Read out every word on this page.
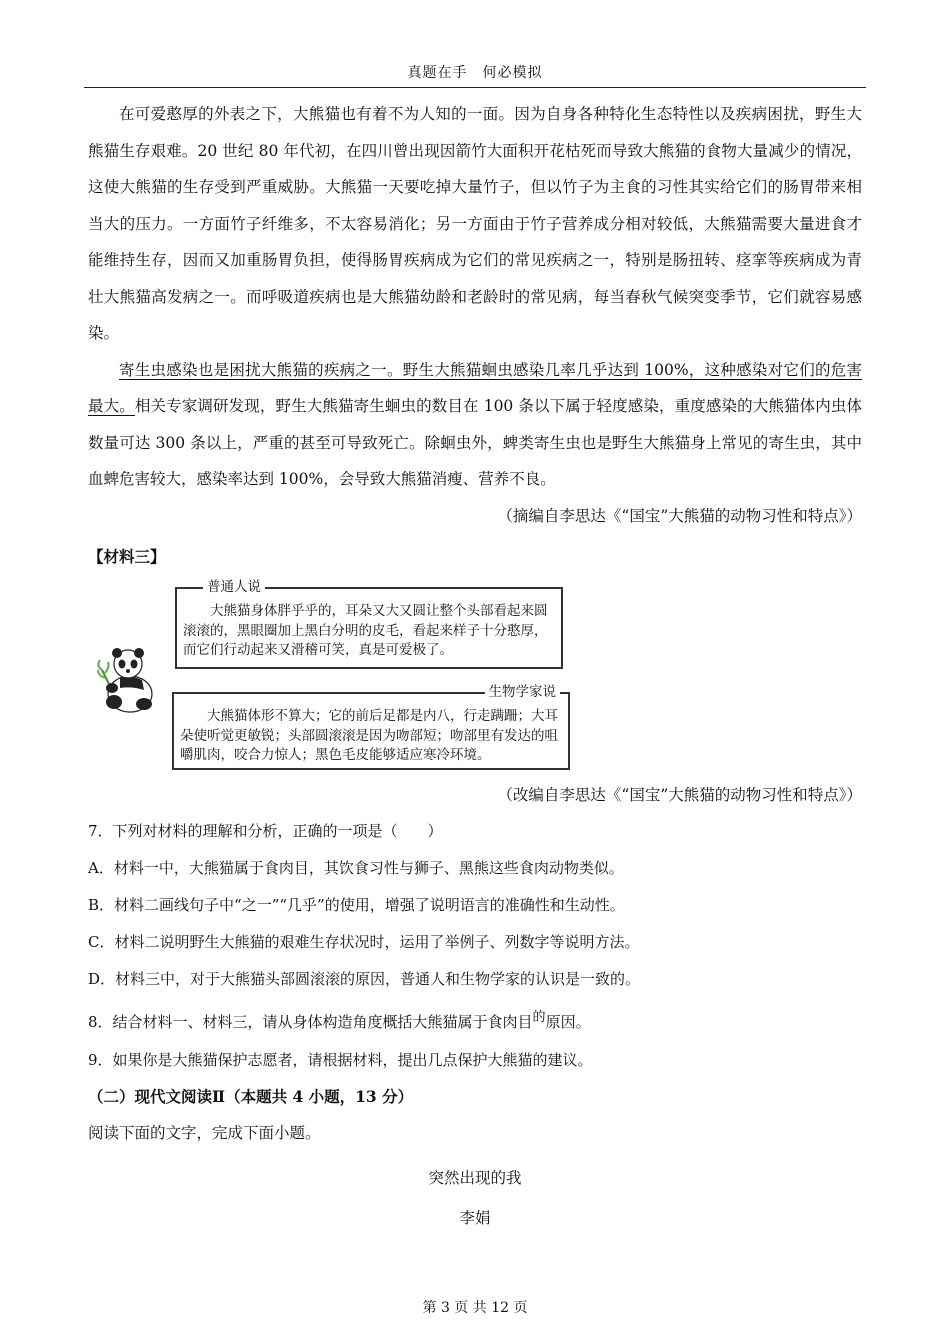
真题在手　何必模拟

在可爱憨厚的外表之下，大熊猫也有着不为人知的一面。因为自身各种特化生态特性以及疾病困扰，野生大熊猫生存艰难。20 世纪 80 年代初，在四川曾出现因箭竹大面积开花枯死而导致大熊猫的食物大量减少的情况，这使大熊猫的生存受到严重威胁。大熊猫一天要吃掉大量竹子，但以竹子为主食的习性其实给它们的肠胃带来相当大的压力。一方面竹子纤维多，不太容易消化；另一方面由于竹子营养成分相对较低，大熊猫需要大量进食才能维持生存，因而又加重肠胃负担，使得肠胃疾病成为它们的常见疾病之一，特别是肠扭转、痉挛等疾病成为青壮大熊猫高发病之一。而呼吸道疾病也是大熊猫幼龄和老龄时的常见病，每当春秋气候突变季节，它们就容易感染。

寄生虫感染也是困扰大熊猫的疾病之一。野生大熊猫蛔虫感染几率几乎达到 100%，这种感染对它们的危害最大。相关专家调研发现，野生大熊猫寄生蛔虫的数目在 100 条以下属于轻度感染，重度感染的大熊猫体内虫体数量可达 300 条以上，严重的甚至可导致死亡。除蛔虫外，蜱类寄生虫也是野生大熊猫身上常见的寄生虫，其中血蜱危害较大，感染率达到 100%，会导致大熊猫消瘦、营养不良。

（摘编自李思达《“国宝”大熊猫的动物习性和特点》）
【材料三】
普通人说
大熊猫身体胖乎乎的，耳朵又大又圆让整个头部看起来圆滚滚的，黑眼圈加上黑白分明的皮毛，看起来样子十分憨厚，而它们行动起来又滑稽可笑，真是可爱极了。
生物学家说
大熊猫体形不算大；它的前后足都是内八，行走蹒跚；大耳朵使听觉更敏锐；头部圆滚滚是因为吻部短；吻部里有发达的咀嚼肌肉，咬合力惊人；黑色毛皮能够适应寒冷环境。
（改编自李思达《“国宝”大熊猫的动物习性和特点》）

7．下列对材料的理解和分析，正确的一项是（　　）

A．材料一中，大熊猫属于食肉目，其饮食习性与狮子、黑熊这些食肉动物类似。

B．材料二画线句子中“之一”“几乎”的使用，增强了说明语言的准确性和生动性。

C．材料二说明野生大熊猫的艰难生存状况时，运用了举例子、列数字等说明方法。

D．材料三中，对于大熊猫头部圆滚滚的原因，普通人和生物学家的认识是一致的。

8．结合材料一、材料三，请从身体构造角度概括大熊猫属于食肉目的原因。

9．如果你是大熊猫保护志愿者，请根据材料，提出几点保护大熊猫的建议。

（二）现代文阅读Ⅱ（本题共 4 小题，13 分）

阅读下面的文字，完成下面小题。

突然出现的我
李娟
第 3 页 共 12 页
